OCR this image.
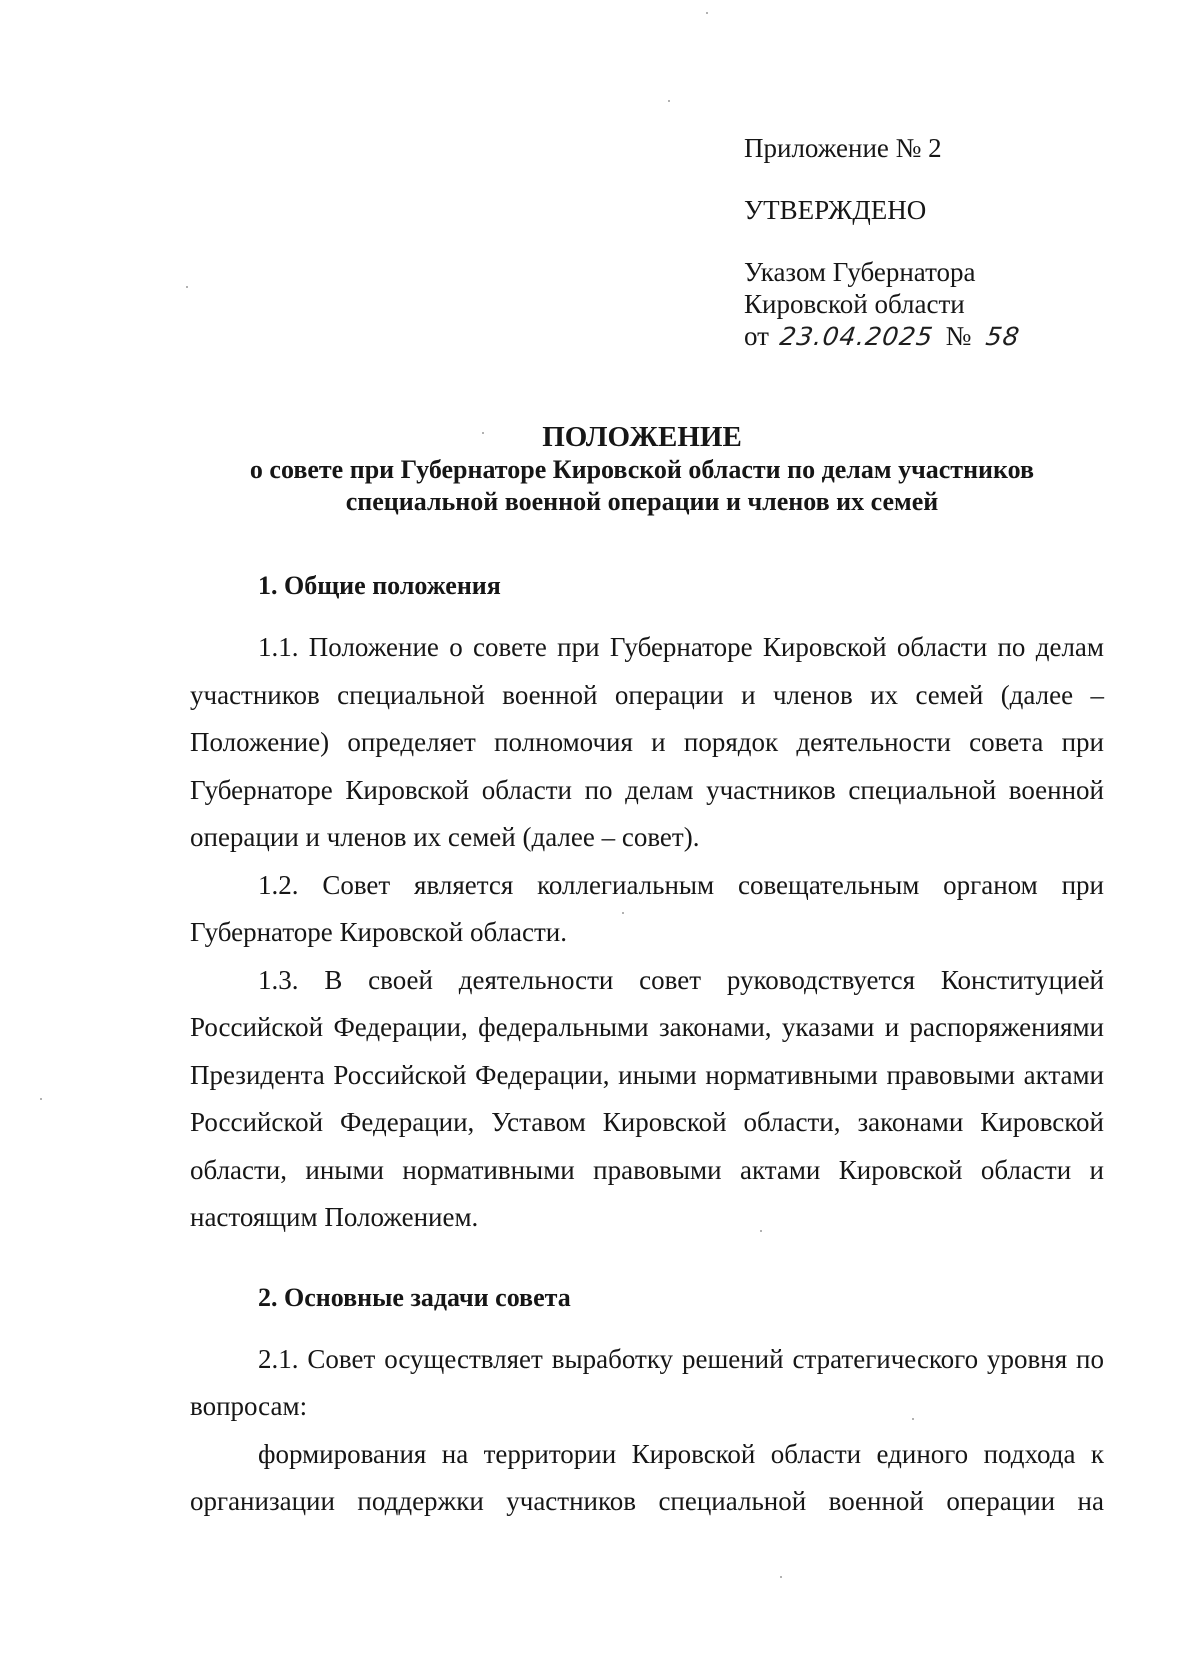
Приложение № 2
УТВЕРЖДЕНО
Указом Губернатора
Кировской области
от 23.04.2025 № 58
ПОЛОЖЕНИЕ
о совете при Губернаторе Кировской области по делам участников
специальной военной операции и членов их семей
1. Общие положения

1.1. Положение о совете при Губернаторе Кировской области по делам участников специальной военной операции и членов их семей (далее – Положение) определяет полномочия и порядок деятельности совета при Губернаторе Кировской области по делам участников специальной военной операции и членов их семей (далее – совет).

1.2. Совет является коллегиальным совещательным органом при Губернаторе Кировской области.

1.3. В своей деятельности совет руководствуется Конституцией Российской Федерации, федеральными законами, указами и распоряжениями Президента Российской Федерации, иными нормативными правовыми актами Российской Федерации, Уставом Кировской области, законами Кировской области, иными нормативными правовыми актами Кировской области и настоящим Положением.

2. Основные задачи совета

2.1. Совет осуществляет выработку решений стратегического уровня по вопросам:

формирования на территории Кировской области единого подхода к организации поддержки участников специальной военной операции на
